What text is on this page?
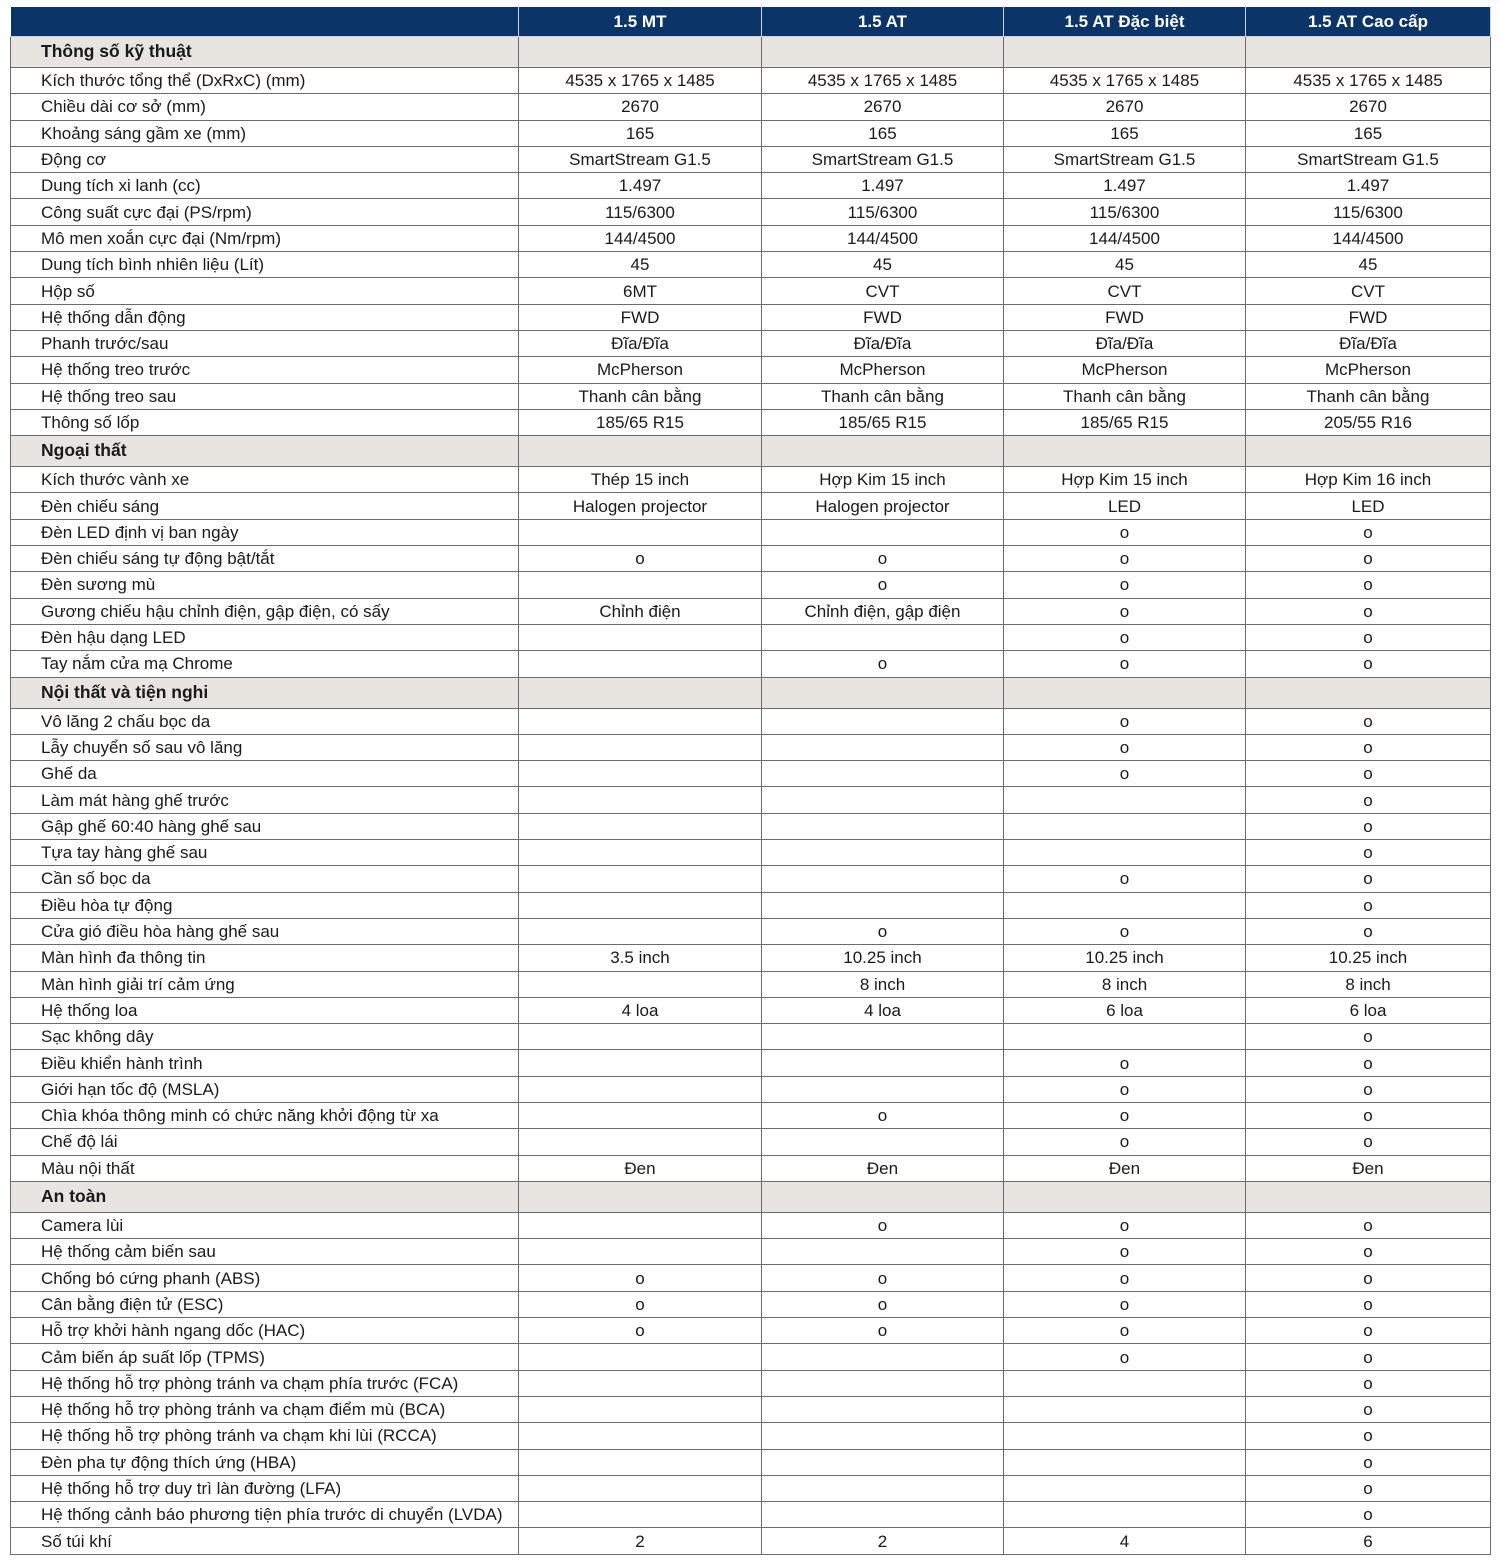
	1.5 MT	1.5 AT	1.5 AT Đặc biệt	1.5 AT Cao cấp
Thông số kỹ thuật				
Kích thước tổng thể (DxRxC) (mm)	4535 x 1765 x 1485	4535 x 1765 x 1485	4535 x 1765 x 1485	4535 x 1765 x 1485
Chiều dài cơ sở (mm)	2670	2670	2670	2670
Khoảng sáng gầm xe (mm)	165	165	165	165
Động cơ	SmartStream G1.5	SmartStream G1.5	SmartStream G1.5	SmartStream G1.5
Dung tích xi lanh (cc)	1.497	1.497	1.497	1.497
Công suất cực đại (PS/rpm)	115/6300	115/6300	115/6300	115/6300
Mô men xoắn cực đại (Nm/rpm)	144/4500	144/4500	144/4500	144/4500
Dung tích bình nhiên liệu (Lít)	45	45	45	45
Hộp số	6MT	CVT	CVT	CVT
Hệ thống dẫn động	FWD	FWD	FWD	FWD
Phanh trước/sau	Đĩa/Đĩa	Đĩa/Đĩa	Đĩa/Đĩa	Đĩa/Đĩa
Hệ thống treo trước	McPherson	McPherson	McPherson	McPherson
Hệ thống treo sau	Thanh cân bằng	Thanh cân bằng	Thanh cân bằng	Thanh cân bằng
Thông số lốp	185/65 R15	185/65 R15	185/65 R15	205/55 R16
Ngoại thất				
Kích thước vành xe	Thép 15 inch	Hợp Kim 15 inch	Hợp Kim 15 inch	Hợp Kim 16 inch
Đèn chiếu sáng	Halogen projector	Halogen projector	LED	LED
Đèn LED định vị ban ngày			o	o
Đèn chiếu sáng tự động bật/tắt	o	o	o	o
Đèn sương mù		o	o	o
Gương chiếu hậu chỉnh điện, gập điện, có sấy	Chỉnh điện	Chỉnh điện, gập điện	o	o
Đèn hậu dạng LED			o	o
Tay nắm cửa mạ Chrome		o	o	o
Nội thất và tiện nghi				
Vô lăng 2 chấu bọc da			o	o
Lẫy chuyển số sau vô lăng			o	o
Ghế da			o	o
Làm mát hàng ghế trước				o
Gập ghế 60:40 hàng ghế sau				o
Tựa tay hàng ghế sau				o
Cần số bọc da			o	o
Điều hòa tự động				o
Cửa gió điều hòa hàng ghế sau		o	o	o
Màn hình đa thông tin	3.5 inch	10.25 inch	10.25 inch	10.25 inch
Màn hình giải trí cảm ứng		8 inch	8 inch	8 inch
Hệ thống loa	4 loa	4 loa	6 loa	6 loa
Sạc không dây				o
Điều khiển hành trình			o	o
Giới hạn tốc độ (MSLA)			o	o
Chìa khóa thông minh có chức năng khởi động từ xa		o	o	o
Chế độ lái			o	o
Màu nội thất	Đen	Đen	Đen	Đen
An toàn				
Camera lùi		o	o	o
Hệ thống cảm biến sau			o	o
Chống bó cứng phanh (ABS)	o	o	o	o
Cân bằng điện tử (ESC)	o	o	o	o
Hỗ trợ khởi hành ngang dốc (HAC)	o	o	o	o
Cảm biến áp suất lốp (TPMS)			o	o
Hệ thống hỗ trợ phòng tránh va chạm phía trước (FCA)				o
Hệ thống hỗ trợ phòng tránh va chạm điểm mù (BCA)				o
Hệ thống hỗ trợ phòng tránh va chạm khi lùi (RCCA)				o
Đèn pha tự động thích ứng (HBA)				o
Hệ thống hỗ trợ duy trì làn đường (LFA)				o
Hệ thống cảnh báo phương tiện phía trước di chuyển (LVDA)				o
Số túi khí	2	2	4	6
